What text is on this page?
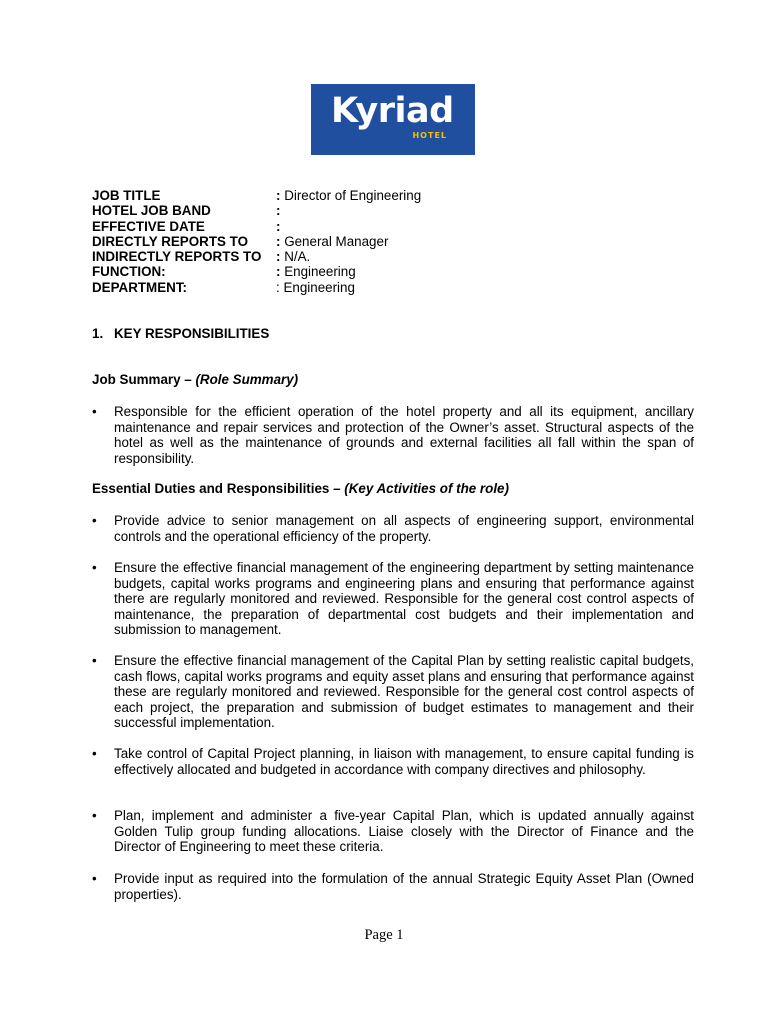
Kyriad
HOTEL
JOB TITLE	: Director of Engineering
HOTEL JOB BAND	:
EFFECTIVE DATE	:
DIRECTLY REPORTS TO : General Manager
INDIRECTLY REPORTS TO : N/A.
FUNCTION:	: Engineering
DEPARTMENT:	: Engineering
1. KEY RESPONSIBILITIES
Job Summary – (Role Summary)
• Responsible for the efficient operation of the hotel property and all its equipment, ancillary maintenance and repair services and protection of the Owner’s asset. Structural aspects of the hotel as well as the maintenance of grounds and external facilities all fall within the span of responsibility.
Essential Duties and Responsibilities – (Key Activities of the role)
• Provide advice to senior management on all aspects of engineering support, environmental controls and the operational efficiency of the property.
• Ensure the effective financial management of the engineering department by setting maintenance budgets, capital works programs and engineering plans and ensuring that performance against there are regularly monitored and reviewed. Responsible for the general cost control aspects of maintenance, the preparation of departmental cost budgets and their implementation and submission to management.
• Ensure the effective financial management of the Capital Plan by setting realistic capital budgets, cash flows, capital works programs and equity asset plans and ensuring that performance against these are regularly monitored and reviewed. Responsible for the general cost control aspects of each project, the preparation and submission of budget estimates to management and their successful implementation.
• Take control of Capital Project planning, in liaison with management, to ensure capital funding is effectively allocated and budgeted in accordance with company directives and philosophy.
• Plan, implement and administer a five-year Capital Plan, which is updated annually against Golden Tulip group funding allocations. Liaise closely with the Director of Finance and the Director of Engineering to meet these criteria.
• Provide input as required into the formulation of the annual Strategic Equity Asset Plan (Owned properties).
Page 1
